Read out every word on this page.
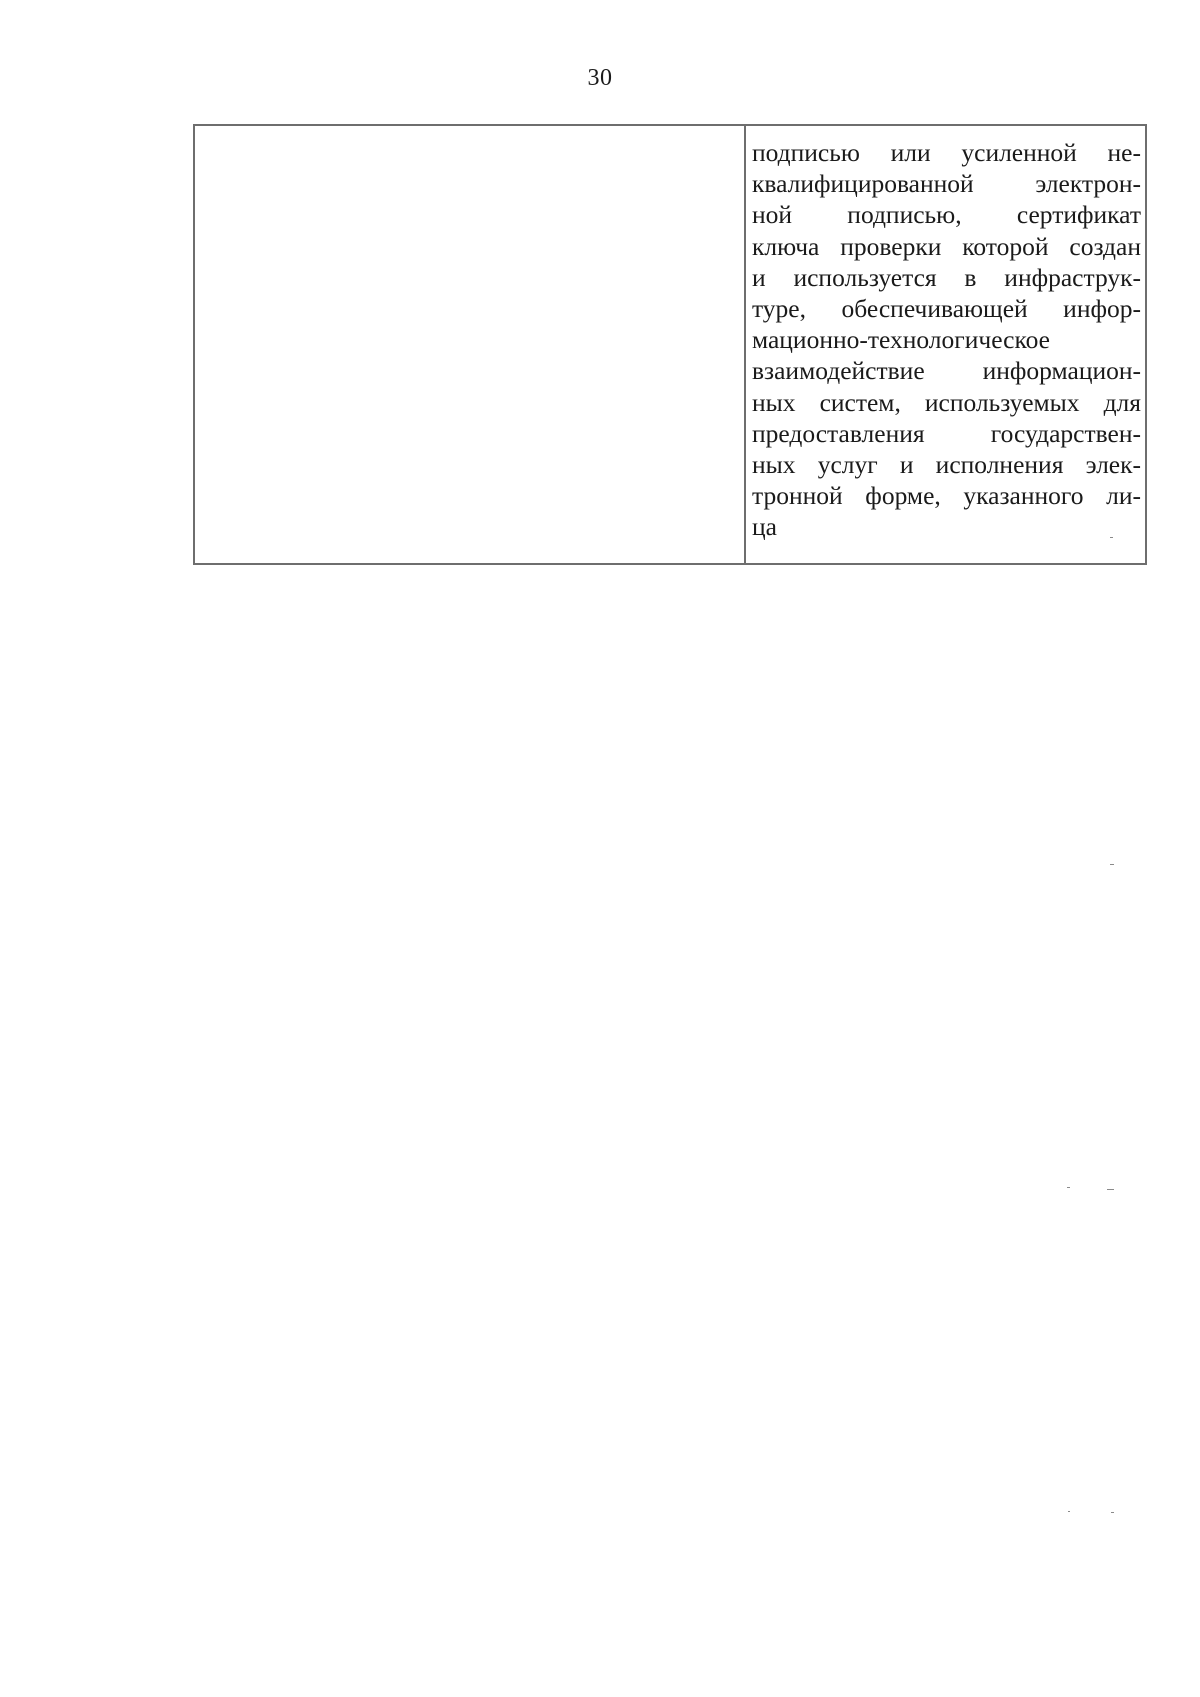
30
подписью или усиленной не-
квалифицированной электрон-
ной подписью, сертификат
ключа проверки которой создан
и используется в инфраструк-
туре, обеспечивающей инфор-
мационно-технологическое
взаимодействие информацион-
ных систем, используемых для
предоставления государствен-
ных услуг и исполнения элек-
тронной форме, указанного ли-
ца
